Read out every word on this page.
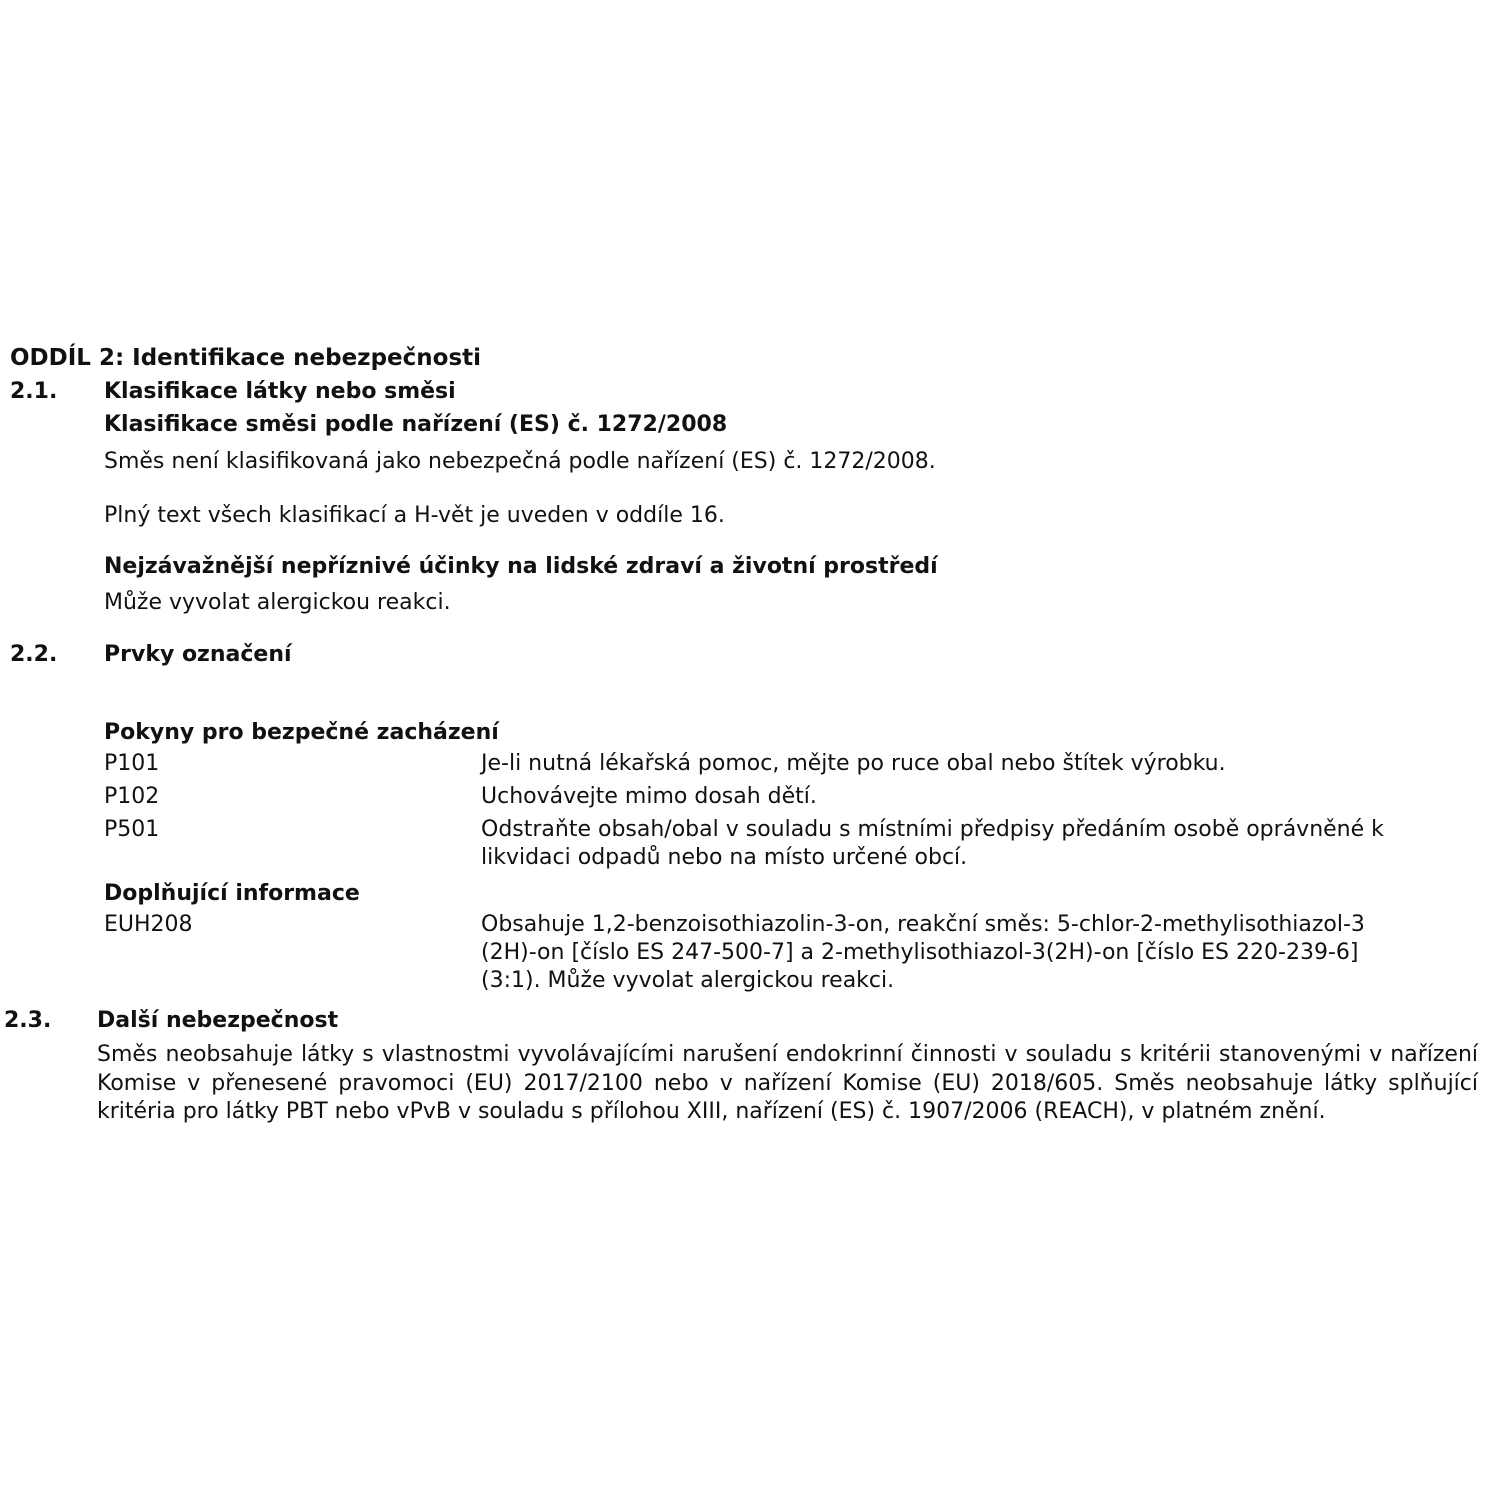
ODDÍL 2: Identifikace nebezpečnosti
2.1. Klasifikace látky nebo směsi
Klasifikace směsi podle nařízení (ES) č. 1272/2008
Směs není klasifikovaná jako nebezpečná podle nařízení (ES) č. 1272/2008.
Plný text všech klasifikací a H-vět je uveden v oddíle 16.
Nejzávažnější nepříznivé účinky na lidské zdraví a životní prostředí
Může vyvolat alergickou reakci.
2.2. Prvky označení
Pokyny pro bezpečné zacházení
P101	Je-li nutná lékařská pomoc, mějte po ruce obal nebo štítek výrobku.
P102	Uchovávejte mimo dosah dětí.
P501	Odstraňte obsah/obal v souladu s místními předpisy předáním osobě oprávněné k
likvidaci odpadů nebo na místo určené obcí.
Doplňující informace
EUH208	Obsahuje 1,2-benzoisothiazolin-3-on, reakční směs: 5-chlor-2-methylisothiazol-3
(2H)-on [číslo ES 247-500-7] a 2-methylisothiazol-3(2H)-on [číslo ES 220-239-6]
(3:1). Může vyvolat alergickou reakci.
2.3. Další nebezpečnost
Směs neobsahuje látky s vlastnostmi vyvolávajícími narušení endokrinní činnosti v souladu s kritérii stanovenými v nařízení Komise v přenesené pravomoci (EU) 2017/2100 nebo v nařízení Komise (EU) 2018/605. Směs neobsahuje látky splňující kritéria pro látky PBT nebo vPvB v souladu s přílohou XIII, nařízení (ES) č. 1907/2006 (REACH), v platném znění.
